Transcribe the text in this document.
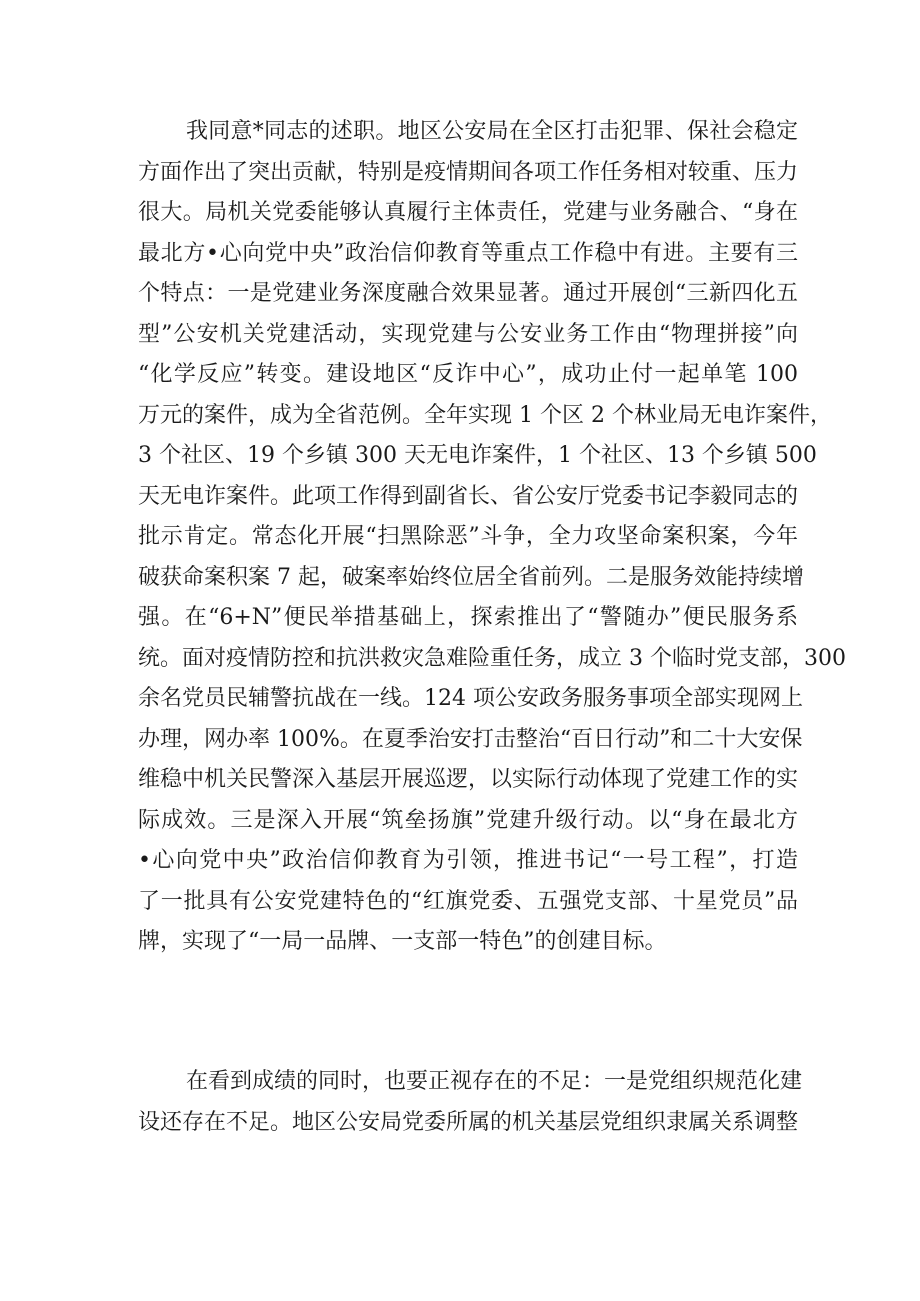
我同意*同志的述职。地区公安局在全区打击犯罪、保社会稳定
方面作出了突出贡献，特别是疫情期间各项工作任务相对较重、压力
很大。局机关党委能够认真履行主体责任，党建与业务融合、“身在
最北方•心向党中央”政治信仰教育等重点工作稳中有进。主要有三
个特点：一是党建业务深度融合效果显著。通过开展创“三新四化五
型”公安机关党建活动，实现党建与公安业务工作由“物理拼接”向
“化学反应”转变。建设地区“反诈中心”，成功止付一起单笔 100
万元的案件，成为全省范例。全年实现 1 个区 2 个林业局无电诈案件，
3 个社区、19 个乡镇 300 天无电诈案件，1 个社区、13 个乡镇 500
天无电诈案件。此项工作得到副省长、省公安厅党委书记李毅同志的
批示肯定。常态化开展“扫黑除恶”斗争，全力攻坚命案积案，今年
破获命案积案 7 起，破案率始终位居全省前列。二是服务效能持续增
强。在“6+N”便民举措基础上，探索推出了“警随办”便民服务系
统。面对疫情防控和抗洪救灾急难险重任务，成立 3 个临时党支部，300
余名党员民辅警抗战在一线。124 项公安政务服务事项全部实现网上
办理，网办率 100%。在夏季治安打击整治“百日行动”和二十大安保
维稳中机关民警深入基层开展巡逻，以实际行动体现了党建工作的实
际成效。三是深入开展“筑垒扬旗”党建升级行动。以“身在最北方
•心向党中央”政治信仰教育为引领，推进书记“一号工程”，打造
了一批具有公安党建特色的“红旗党委、五强党支部、十星党员”品
牌，实现了“一局一品牌、一支部一特色”的创建目标。

在看到成绩的同时，也要正视存在的不足：一是党组织规范化建
设还存在不足。地区公安局党委所属的机关基层党组织隶属关系调整
